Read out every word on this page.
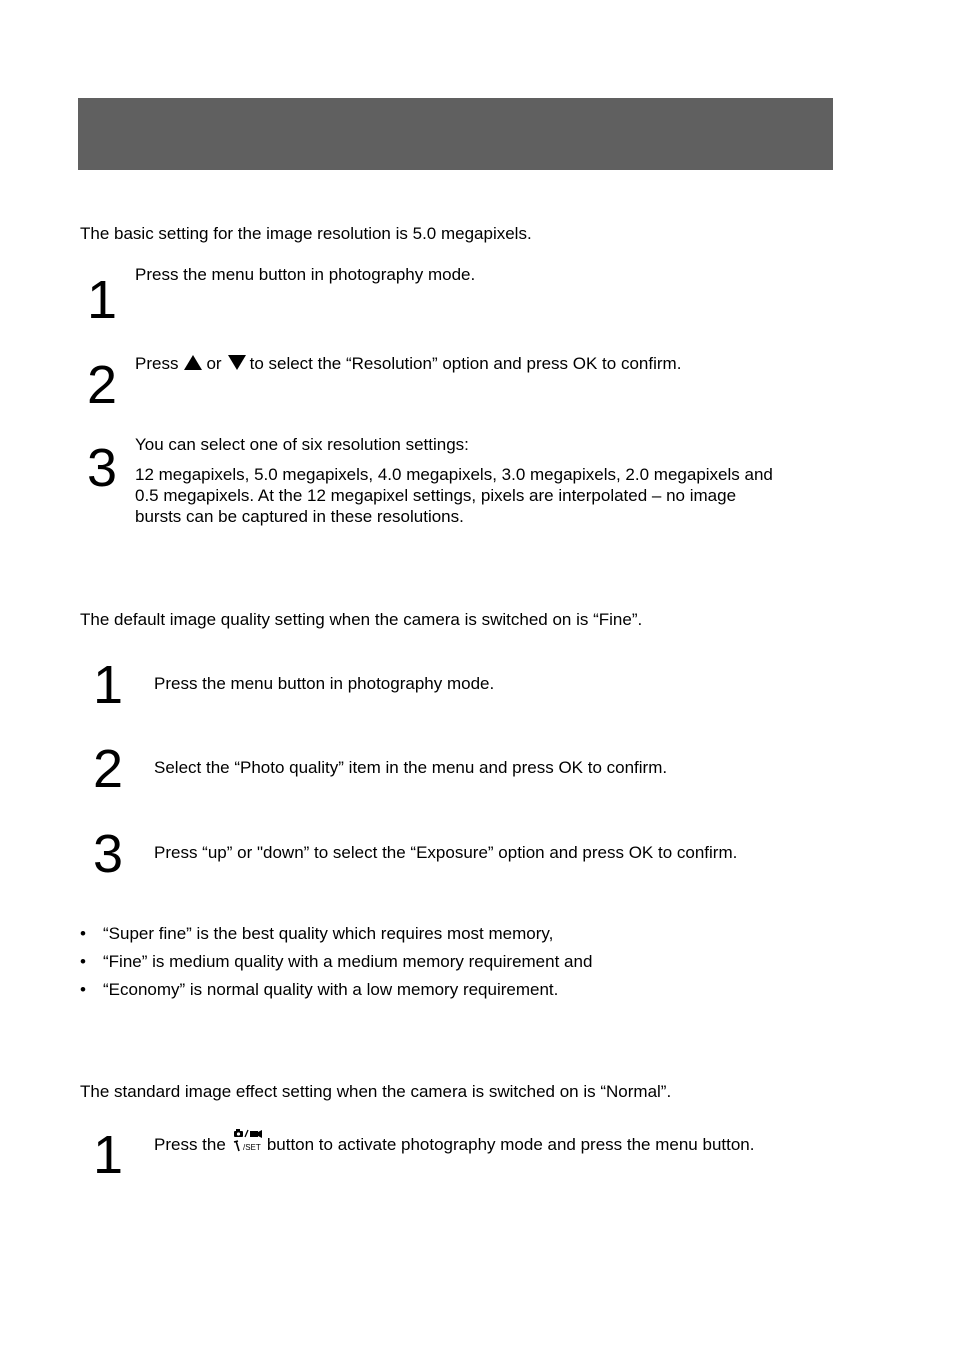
The basic setting for the image resolution is 5.0 megapixels.
1 Press the menu button in photography mode.
2 Press or to select the “Resolution” option and press OK to confirm.
3 You can select one of six resolution settings:
12 megapixels, 5.0 megapixels, 4.0 megapixels, 3.0 megapixels, 2.0 megapixels and
0.5 megapixels. At the 12 megapixel settings, pixels are interpolated – no image
bursts can be captured in these resolutions.
The default image quality setting when the camera is switched on is “Fine”.
1 Press the menu button in photography mode.
2 Select the “Photo quality” item in the menu and press OK to confirm.
3 Press “up” or "down” to select the “Exposure” option and press OK to confirm.
• “Super fine” is the best quality which requires most memory,
• “Fine” is medium quality with a medium memory requirement and
• “Economy” is normal quality with a low memory requirement.
The standard image effect setting when the camera is switched on is “Normal”.
1 Press the /SET button to activate photography mode and press the menu button.
